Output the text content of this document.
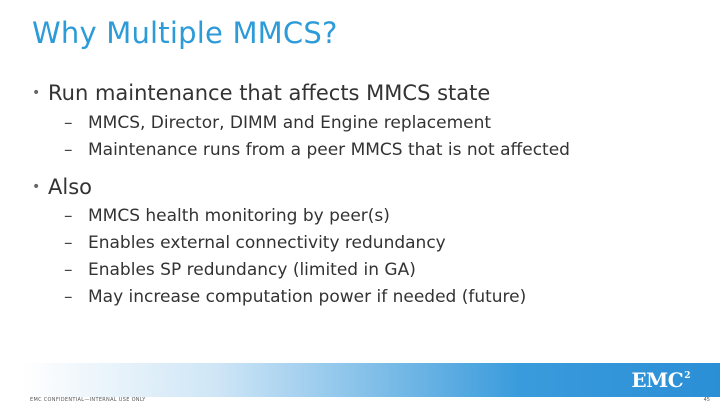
Why Multiple MMCS?
• Run maintenance that affects MMCS state
– MMCS, Director, DIMM and Engine replacement
– Maintenance runs from a peer MMCS that is not affected
• Also
– MMCS health monitoring by peer(s)
– Enables external connectivity redundancy
– Enables SP redundancy (limited in GA)
– May increase computation power if needed (future)
EMC$^2$
EMC CONFIDENTIAL—INTERNAL USE ONLY	45
